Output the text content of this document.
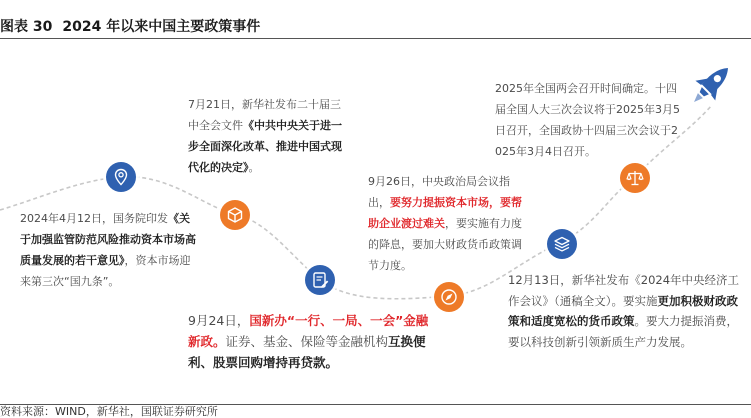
图表 30 2024 年以来中国主要政策事件
2024年4月12日，国务院印发《关于加强监管防范风险推动资本市场高质量发展的若干意见》，资本市场迎来第三次“国九条”。
7月21日，新华社发布二十届三中全会文件《中共中央关于进一步全面深化改革、推进中国式现代化的决定》。
9月24日，国新办“一行、一局、一会”金融新政。证券、基金、保险等金融机构互换便利、股票回购增持再贷款。
9月26日，中央政治局会议指出，要努力提振资本市场，要帮助企业渡过难关，要实施有力度的降息，要加大财政货币政策调节力度。
12月13日，新华社发布《2024年中央经济工作会议》（通稿全文）。要实施更加积极财政政策和适度宽松的货币政策。要大力提振消费，要以科技创新引领新质生产力发展。
2025年全国两会召开时间确定。十四届全国人大三次会议将于2025年3月5日召开，全国政协十四届三次会议于2025年3月4日召开。
资料来源：WIND，新华社，国联证券研究所
